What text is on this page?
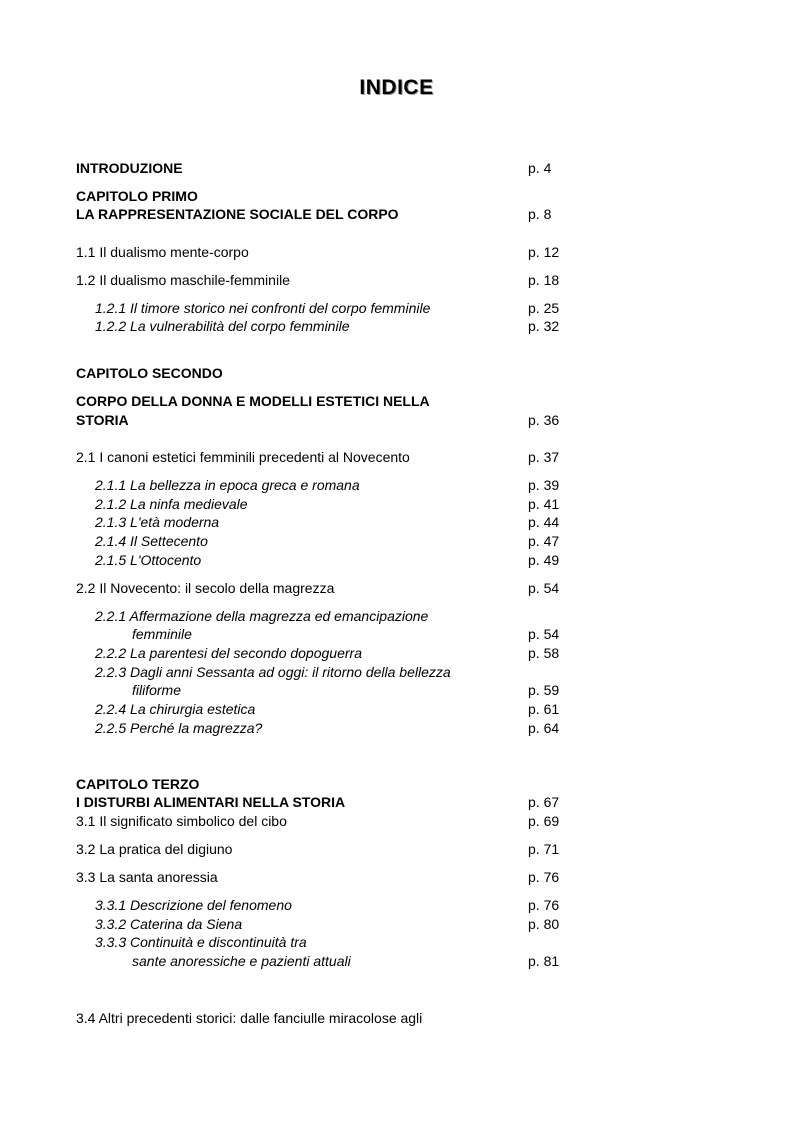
INDICE
INTRODUZIONE	p. 4
CAPITOLO PRIMO
LA RAPPRESENTAZIONE SOCIALE DEL CORPO	p. 8
1.1 Il dualismo mente-corpo	p. 12
1.2 Il dualismo maschile-femminile	p. 18
1.2.1 Il timore storico nei confronti del corpo femminile	p. 25
1.2.2 La vulnerabilità del corpo femminile	p. 32
CAPITOLO SECONDO
CORPO DELLA DONNA E MODELLI ESTETICI NELLA
STORIA	p. 36
2.1 I canoni estetici femminili precedenti al Novecento	p. 37
2.1.1 La bellezza in epoca greca e romana	p. 39
2.1.2 La ninfa medievale	p. 41
2.1.3 L'età moderna	p. 44
2.1.4 Il Settecento	p. 47
2.1.5 L'Ottocento	p. 49
2.2 Il Novecento: il secolo della magrezza	p. 54
2.2.1 Affermazione della magrezza ed emancipazione
femminile	p. 54
2.2.2 La parentesi del secondo dopoguerra	p. 58
2.2.3 Dagli anni Sessanta ad oggi: il ritorno della bellezza
filiforme	p. 59
2.2.4 La chirurgia estetica	p. 61
2.2.5 Perché la magrezza?	p. 64
CAPITOLO TERZO
I DISTURBI ALIMENTARI NELLA STORIA	p. 67
3.1 Il significato simbolico del cibo	p. 69
3.2 La pratica del digiuno	p. 71
3.3 La santa anoressia	p. 76
3.3.1 Descrizione del fenomeno	p. 76
3.3.2 Caterina da Siena	p. 80
3.3.3 Continuità e discontinuità tra
sante anoressiche e pazienti attuali	p. 81
3.4 Altri precedenti storici: dalle fanciulle miracolose agli
